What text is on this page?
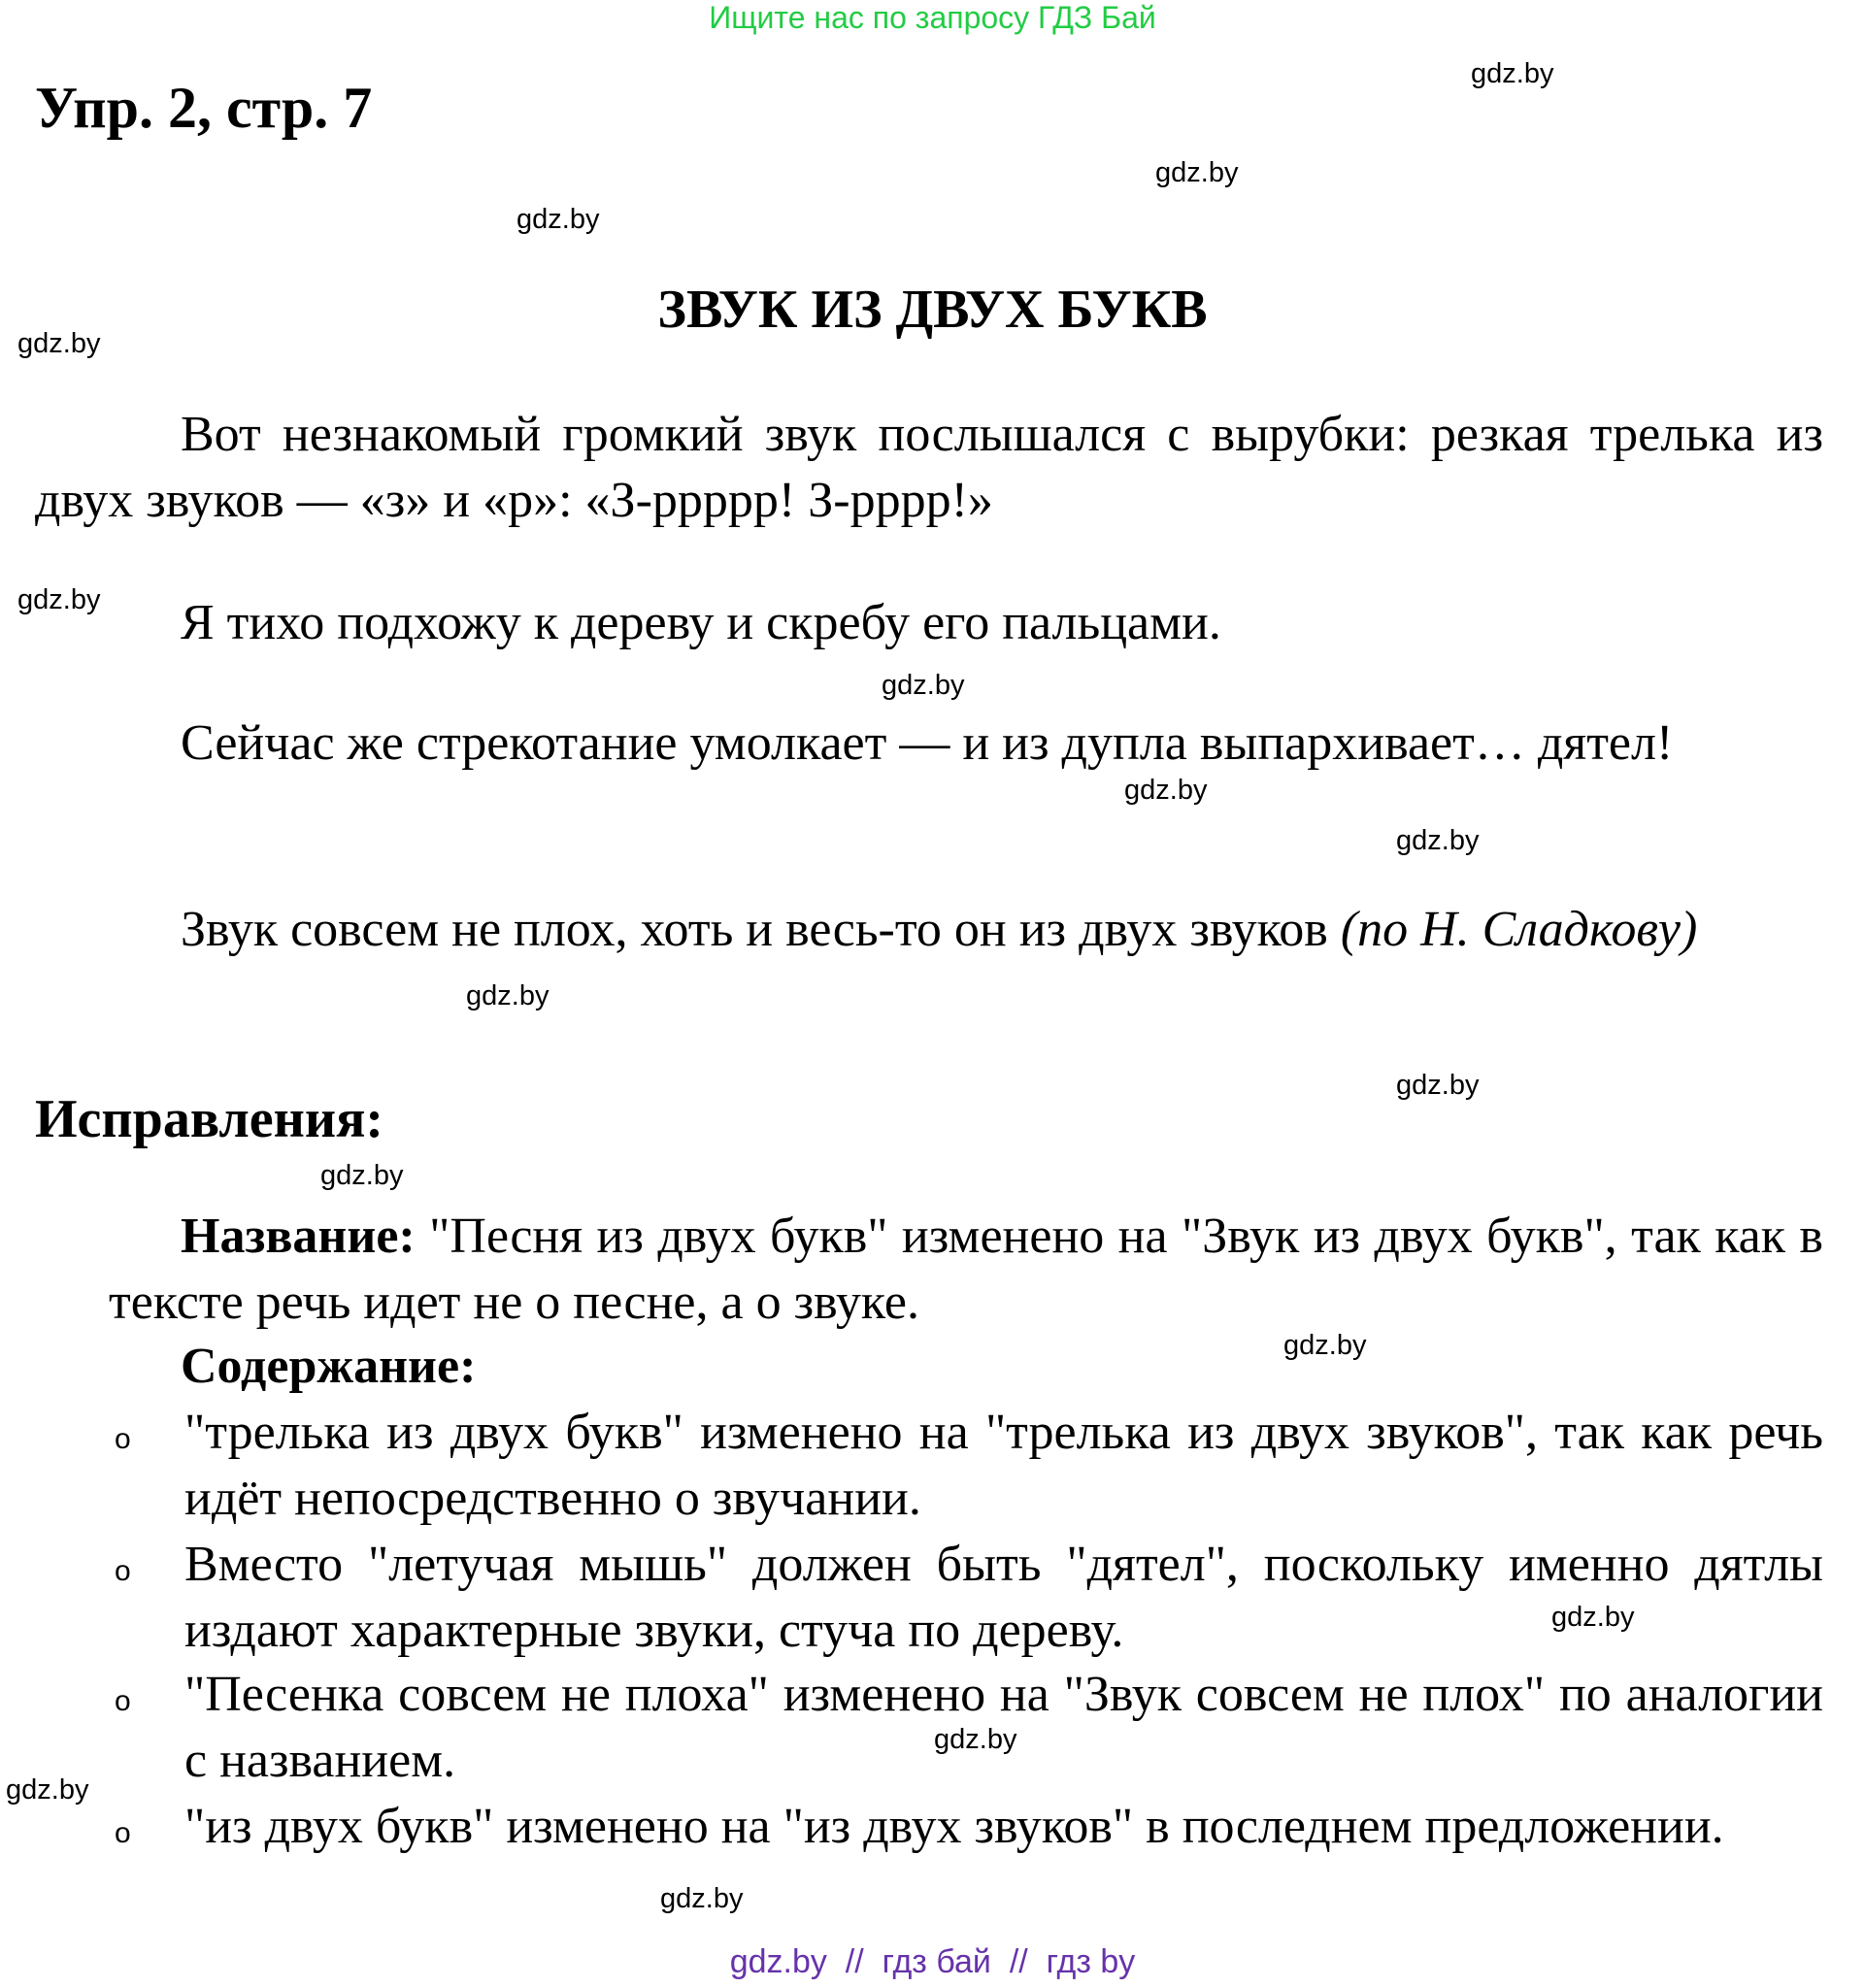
Ищите нас по запросу ГДЗ Бай
Упр. 2, стр. 7
gdz.by
gdz.by
gdz.by
gdz.by
gdz.by
gdz.by
gdz.by
gdz.by
gdz.by
gdz.by
gdz.by
gdz.by
gdz.by
gdz.by
gdz.by
gdz.by
ЗВУК ИЗ ДВУХ БУКВ

Вот незнакомый громкий звук послышался с вырубки: резкая трелька из двух звуков — «з» и «р»: «З-ррррр! З-рррр!»

Я тихо подхожу к дереву и скребу его пальцами.

Сейчас же стрекотание умолкает — и из дупла выпархивает… дятел!

Звук совсем не плох, хоть и весь-то он из двух звуков (по Н. Сладкову)

Исправления:

Название: "Песня из двух букв" изменено на "Звук из двух букв", так как в тексте речь идет не о песне, а о звуке.

Содержание:
o "трелька из двух букв" изменено на "трелька из двух звуков", так как речь идёт непосредственно о звучании.

o Вместо "летучая мышь" должен быть "дятел", поскольку именно дятлы издают характерные звуки, стуча по дереву.

o "Песенка совсем не плоха" изменено на "Звук совсем не плох" по аналогии с названием.

o "из двух букв" изменено на "из двух звуков" в последнем предложении.

gdz.by  //  гдз бай  //  гдз by
